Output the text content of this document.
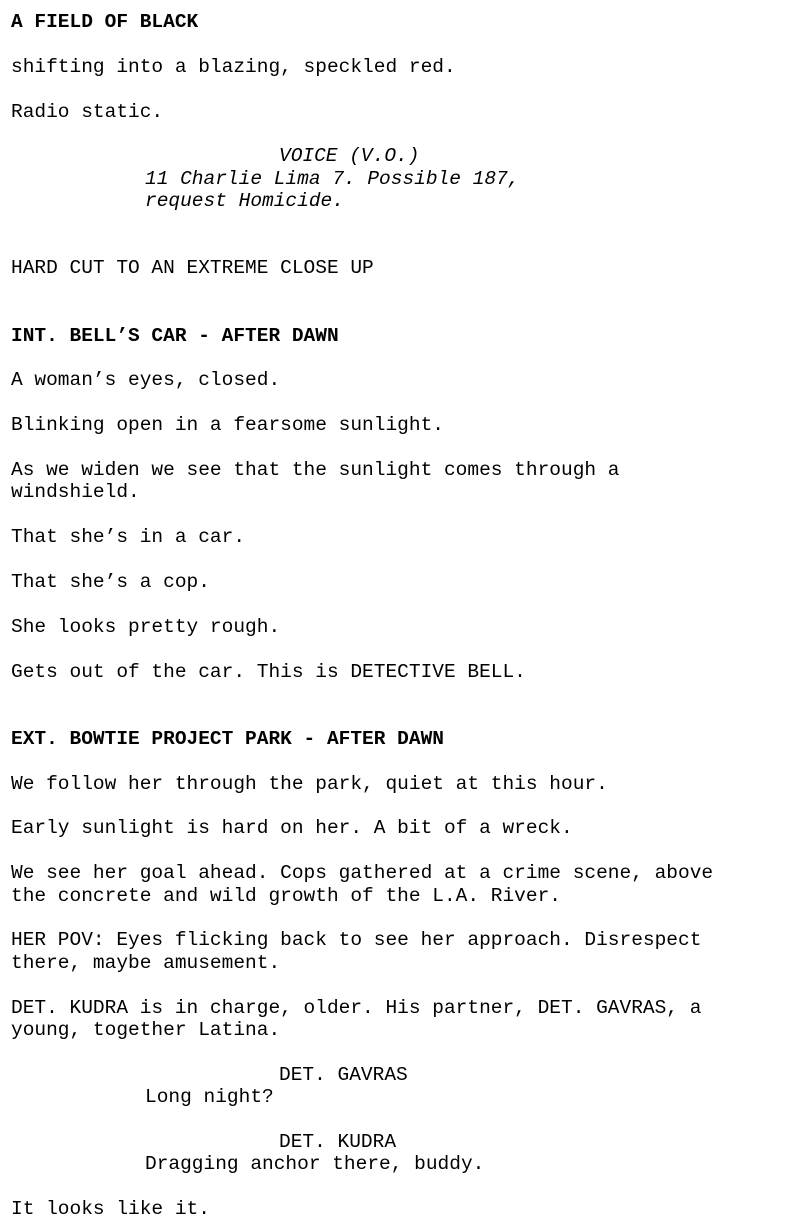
A FIELD OF BLACK

shifting into a blazing, speckled red.

Radio static.

VOICE (V.O.)

11 Charlie Lima 7. Possible 187,

request Homicide.

HARD CUT TO AN EXTREME CLOSE UP

INT. BELL’S CAR - AFTER DAWN

A woman’s eyes, closed.

Blinking open in a fearsome sunlight.

As we widen we see that the sunlight comes through a

windshield.

That she’s in a car.

That she’s a cop.

She looks pretty rough.

Gets out of the car. This is DETECTIVE BELL.

EXT. BOWTIE PROJECT PARK - AFTER DAWN

We follow her through the park, quiet at this hour.

Early sunlight is hard on her. A bit of a wreck.

We see her goal ahead. Cops gathered at a crime scene, above

the concrete and wild growth of the L.A. River.

HER POV: Eyes flicking back to see her approach. Disrespect

there, maybe amusement.

DET. KUDRA is in charge, older. His partner, DET. GAVRAS, a

young, together Latina.

DET. GAVRAS

Long night?

DET. KUDRA

Dragging anchor there, buddy.

It looks like it.
